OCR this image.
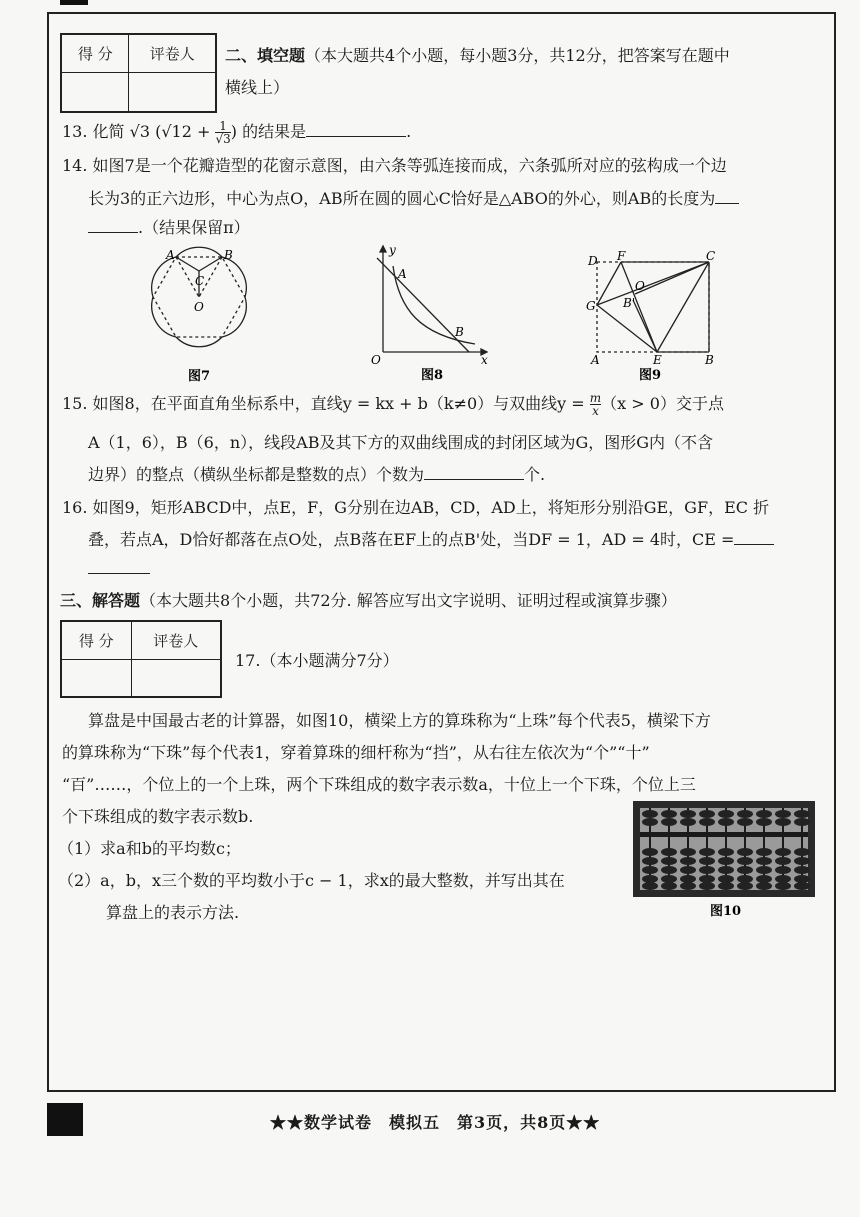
得 分	评卷人
	二、填空题（本大题共4个小题，每小题3分，共12分，把答案写在题中
横线上）
13. 化简 √3 ($√12 + \frac{1}{√3}$ ) 的结果是	.
14. 如图7是一个花瓣造型的花窗示意图，由六条等弧连接而成，六条弧所对应的弦构成一个边
长为3的正六边形，中心为点O，AB所在圆的圆心C恰好是△ABO的外心，则AB的长度为
.（结果保留π）
A	B
C
O
图7
y
A
B
O	x
图8
D F	C
O
G B'
A	E	B
图9
15. 如图8，在平面直角坐标系中，直线y = kx + b（k≠0）与双曲线$y = \frac{m}{x} (x > 0)$交于点
A（1，6），B（6，n），线段AB及其下方的双曲线围成的封闭区域为G，图形G内（不含
边界）的整点（横纵坐标都是整数的点）个数为	个.
16. 如图9，矩形ABCD中，点E，F，G分别在边AB，CD，AD上，将矩形分别沿GE，GF，EC 折
叠，若点A，D恰好都落在点O处，点B落在EF上的点B'处，当DF = 1，AD = 4时，CE =
三、解答题（本大题共8个小题，共72分. 解答应写出文字说明、证明过程或演算步骤）
得 分	评卷人

17.（本小题满分7分）
算盘是中国最古老的计算器，如图10，横梁上方的算珠称为“上珠”每个代表5，横梁下方
的算珠称为“下珠”每个代表1，穿着算珠的细杆称为“挡”，从右往左依次为“个”“十”
“百”……，个位上的一个上珠，两个下珠组成的数字表示数a，十位上一个下珠，个位上三
个下珠组成的数字表示数b.
（1）求a和b的平均数c；
（2）a，b，x三个数的平均数小于c − 1，求x的最大整数，并写出其在
算盘上的表示方法.	图10
★★数学试卷　模拟五　第3页，共8页★★
